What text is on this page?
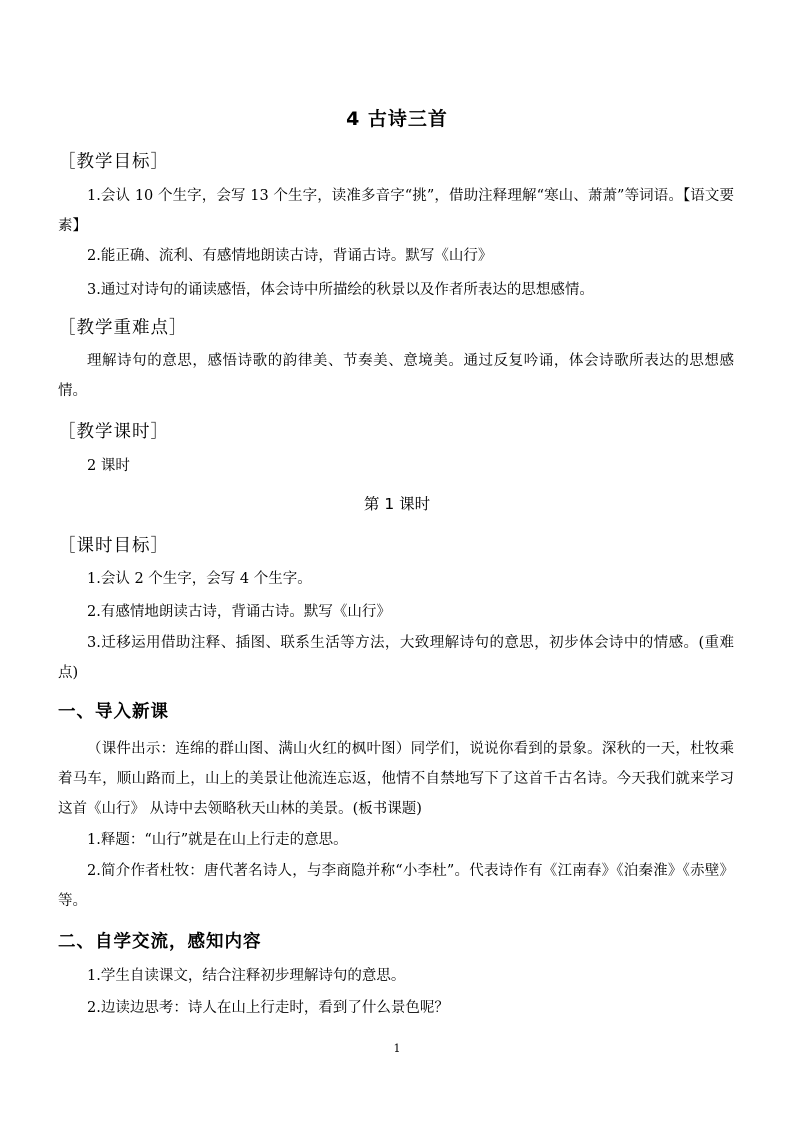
4 古诗三首
［教学目标］
1.会认 10 个生字，会写 13 个生字，读准多音字“挑”，借助注释理解“寒山、萧萧”等词语。【语文要素】
2.能正确、流利、有感情地朗读古诗，背诵古诗。默写《山行》
3.通过对诗句的诵读感悟，体会诗中所描绘的秋景以及作者所表达的思想感情。
［教学重难点］
理解诗句的意思，感悟诗歌的韵律美、节奏美、意境美。通过反复吟诵，体会诗歌所表达的思想感情。
［教学课时］
2 课时
第 1 课时
［课时目标］
1.会认 2 个生字，会写 4 个生字。
2.有感情地朗读古诗，背诵古诗。默写《山行》
3.迁移运用借助注释、插图、联系生活等方法，大致理解诗句的意思，初步体会诗中的情感。(重难点)
一、导入新课
（课件出示：连绵的群山图、满山火红的枫叶图）同学们，说说你看到的景象。深秋的一天，杜牧乘着马车，顺山路而上，山上的美景让他流连忘返，他情不自禁地写下了这首千古名诗。今天我们就来学习这首《山行》 从诗中去领略秋天山林的美景。(板书课题)
1.释题：“山行”就是在山上行走的意思。
2.简介作者杜牧：唐代著名诗人，与李商隐并称“小李杜”。代表诗作有《江南春》《泊秦淮》《赤壁》等。
二、自学交流，感知内容
1.学生自读课文，结合注释初步理解诗句的意思。
2.边读边思考：诗人在山上行走时，看到了什么景色呢？
1
